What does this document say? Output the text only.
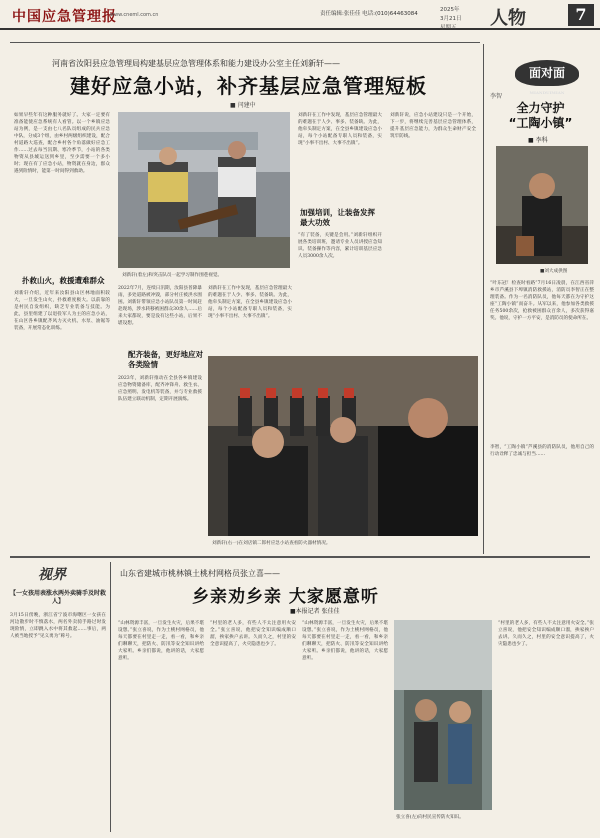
中国应急管理报
www.cneml.com.cn	责任编辑:张佳佳 电话:(010)64463084
2025年
3月21日
星期五 人物	7
河南省汝阳县应急管理局构建基层应急管理体系和能力建设办公室主任刘新轩——
建好应急小站，补齐基层应急管理短板
■ 闫建中
如果早些年有这种服务就好了。大家一定要有准备能使应急系统有人看管。以一个乡镇应急站为例，是一支由七八名队员组成的民兵应急中队，分成3个组，由乡村两级组织建设，配合村道路大巡查，配合乡村各个角落做好应急工作……过去每当汛期、寒冷季节，小站的各类物资从县城运送到乡里，至少需要一个多小时；现在有了应急小站，物资就在身边，群众遇到险情时，能第一时间得到救助。
扑救山火，救援遭难群众
刘新轩介绍，近年来汝阳县山区林地面积较大，一旦发生山火，扑救难度极大。以前靠的是村民自发组织，缺乏专业装备与技能。为此，县里组建了以退役军人为主的应急小站，在山区各乡镇配齐风力灭火机、水泵、油锯等装备，开展常态化训练。
刘新轩(着左)和突击队员一起学习制作围巷视觉。
2022年7月，连续日汛期，汝阳县普降暴雨，多处道路被冲毁，部分村庄被洪水围困。刘新轩带领应急小站队员第一时间赶赴现场，涉水转移被困群众30余人……后来大家都说，要是没有这些小站，后果不堪设想。
配齐装备，更好地应对各类险情
2023年，刘新轩推动在全县各乡镇建设应急物资储备库，配齐冲锋舟、救生衣、应急照明、发电机等装备，并与专业救援队伍建立联动机制，定期开展演练。
刘新轩在工作中发现，基层应急管理最大的难题在于人少、事多、装备缺。为此，他牵头制定方案，在全县乡镇建设应急小站，每个小站配备专职人员和装备，实现“小事不出村、大事不出镇”。
刘新轩在工作中发现，基层应急管理最大的难题在于人少、事多、装备缺。为此，他牵头制定方案，在全县乡镇建设应急小站，每个小站配备专职人员和装备，实现“小事不出村、大事不出镇”。
加强培训，让装备发挥最大功效
“有了装备，关键是会用。”刘新轩组织开展各类培训班，邀请专业人员讲授应急知识、装备操作等内容，累计培训基层应急人员3000余人次。
刘新轩说，应急小站建设只是一个开始，下一步，将继续完善基层应急管理体系，提升基层应急能力，为群众生命财产安全筑牢防线。
刘新轩(右一)在刘店镇二郎村应急小站查看防火器材情况。
面对面
MIANDUIMIAN
李智
全力守护
“工陶小镇”
■ 李科
■刘大成供图
“叶东冠！检查时看路”7月16日凌晨，在江西省萍乡市芦溪县下埠镇消防救援站，消防员李智正在整理装备。作为一名消防队员，他每天都在为守护这座“工陶小镇”而奋斗。从军以来，他参加各类救援任务500余次，抢救被困群众百余人，多次获得嘉奖。他说，守护一方平安，是消防员的使命所在。
李智，“工陶小镇”芦溪县的消防队员，他用自己的行动诠释了忠诚与担当……
视界
【一女孩用表涨水两外卖骑手及时救人】
3月15日傍晚，浙江省宁波市海曙区一女孩在河边散步时不慎落水，两名外卖骑手路过时发现险情，立即跳入水中将其救起……事后，两人被当地授予“见义勇为”称号。
山东省建城市桃林镇土桃村网格员张立喜——
乡亲劝乡亲 大家愿意听
■本报记者 张佳佳
“山林资源丰富，一旦发生火灾，后果不堪设想。”张立喜说，作为土桃村网格员，他每天都要在村里走一走，看一看，和乡亲们聊聊天，把防火、防汛等安全知识讲给大家听。乡亲们都说，他讲的话，大家愿意听。
“村里的老人多，有些人不太注意用火安全。”张立喜说，他把安全知识编成顺口溜，挨家挨户去讲。久而久之，村里的安全意识提高了，火灾隐患也少了。
“山林资源丰富，一旦发生火灾，后果不堪设想。”张立喜说，作为土桃村网格员，他每天都要在村里走一走，看一看，和乡亲们聊聊天，把防火、防汛等安全知识讲给大家听。乡亲们都说，他讲的话，大家愿意听。
张立喜(左)向村民宣传防火知识。
“村里的老人多，有些人不太注意用火安全。”张立喜说，他把安全知识编成顺口溜，挨家挨户去讲。久而久之，村里的安全意识提高了，火灾隐患也少了。
